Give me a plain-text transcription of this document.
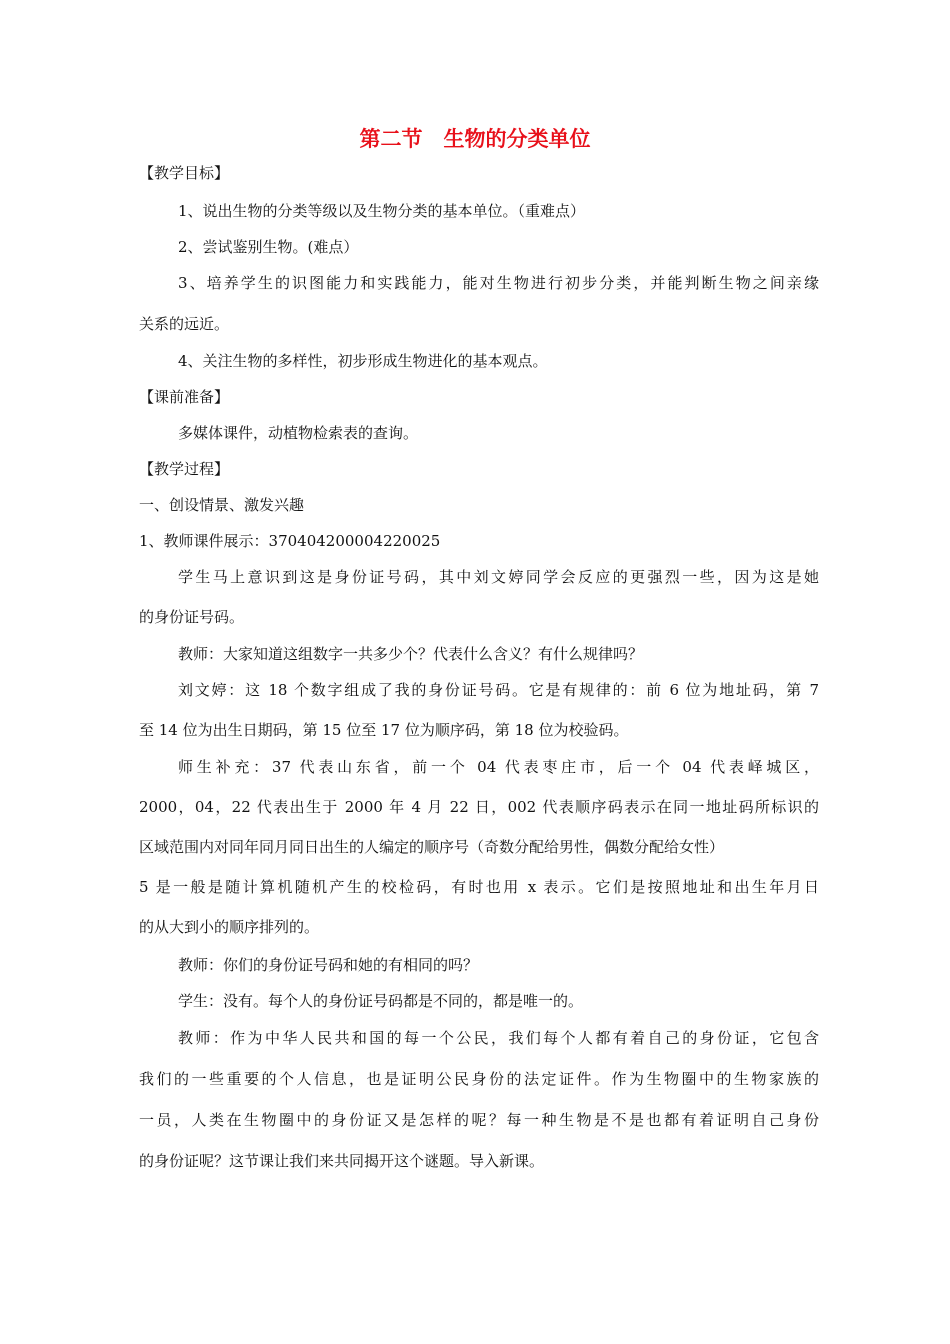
第二节　生物的分类单位
【教学目标】
1、说出生物的分类等级以及生物分类的基本单位。（重难点）
2、尝试鉴别生物。(难点）
3、培养学生的识图能力和实践能力，能对生物进行初步分类，并能判断生物之间亲缘
关系的远近。
4、关注生物的多样性，初步形成生物进化的基本观点。
【课前准备】
多媒体课件，动植物检索表的查询。
【教学过程】
一、创设情景、激发兴趣
1、教师课件展示：370404200004220025
学生马上意识到这是身份证号码，其中刘文婷同学会反应的更强烈一些，因为这是她
的身份证号码。
教师：大家知道这组数字一共多少个？代表什么含义？有什么规律吗？
刘文婷：这 18 个数字组成了我的身份证号码。它是有规律的：前 6 位为地址码，第 7
至 14 位为出生日期码，第 15 位至 17 位为顺序码，第 18 位为校验码。
师生补充：37 代表山东省，前一个 04 代表枣庄市，后一个 04 代表峄城区，
2000，04，22 代表出生于 2000 年 4 月 22 日，002 代表顺序码表示在同一地址码所标识的
区域范围内对同年同月同日出生的人编定的顺序号（奇数分配给男性，偶数分配给女性）
5 是一般是随计算机随机产生的校检码，有时也用 x 表示。它们是按照地址和出生年月日
的从大到小的顺序排列的。
教师：你们的身份证号码和她的有相同的吗？
学生：没有。每个人的身份证号码都是不同的，都是唯一的。
教师：作为中华人民共和国的每一个公民，我们每个人都有着自己的身份证，它包含
我们的一些重要的个人信息，也是证明公民身份的法定证件。作为生物圈中的生物家族的
一员，人类在生物圈中的身份证又是怎样的呢？每一种生物是不是也都有着证明自己身份
的身份证呢？这节课让我们来共同揭开这个谜题。导入新课。
